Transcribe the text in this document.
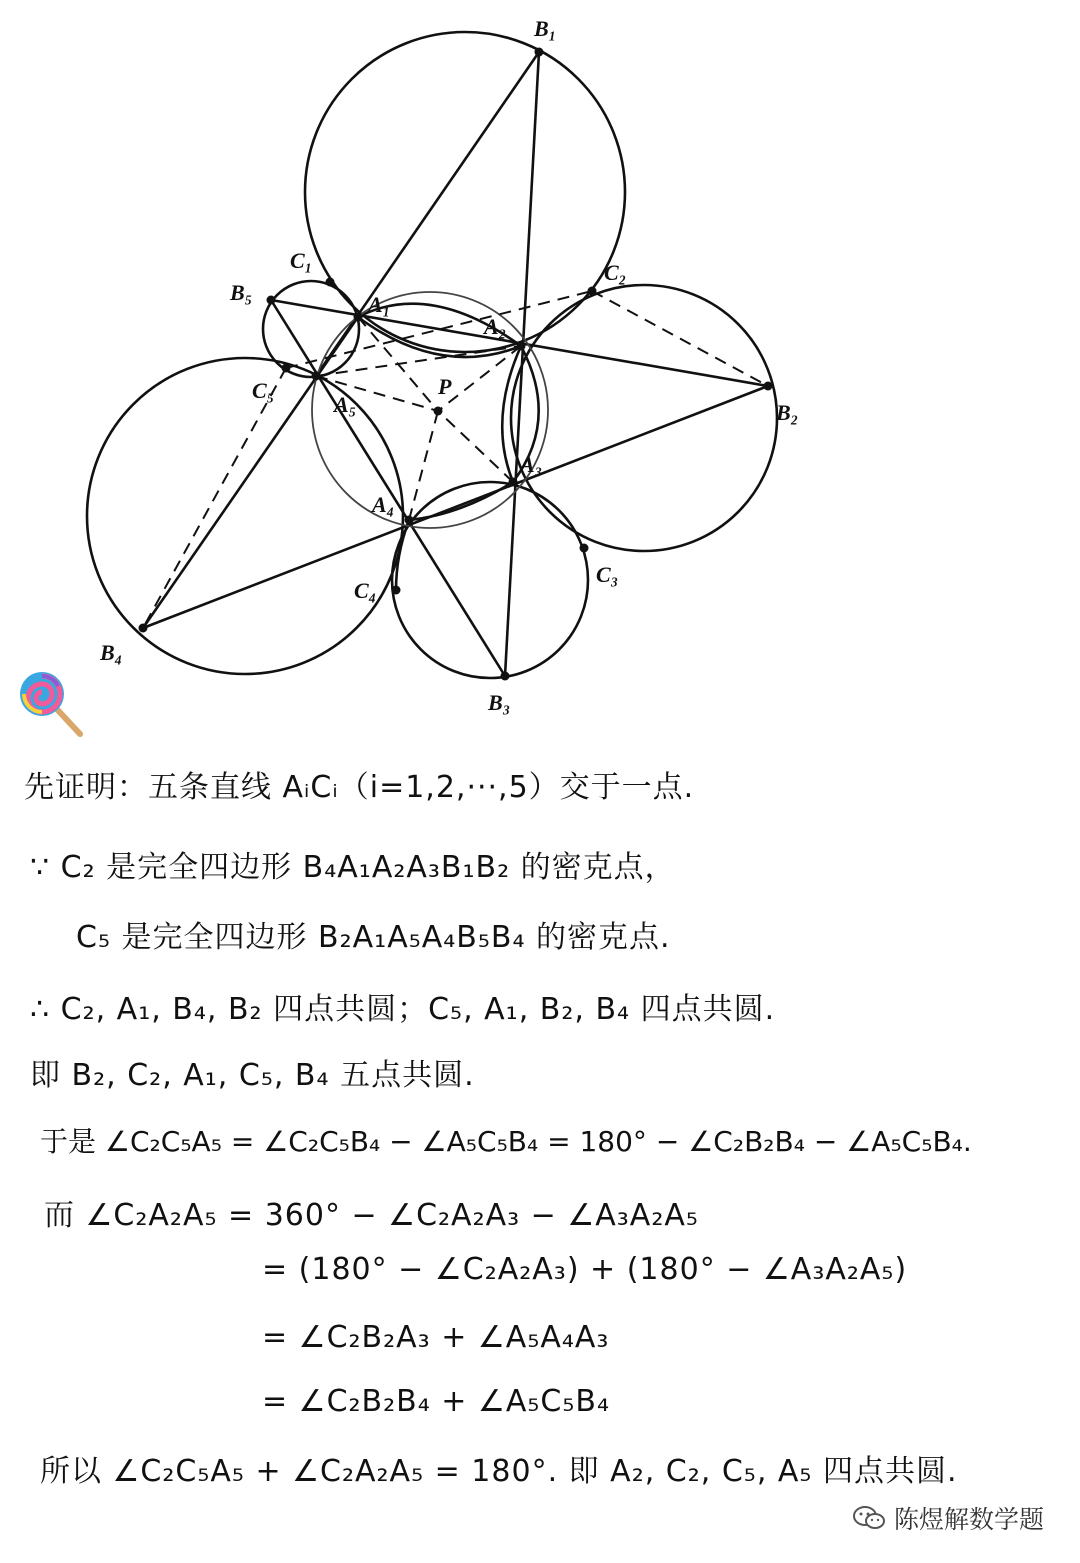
B₁
B₂
B₃
B₄
B₅
C₁	C₂
C₃
C₄
C₅
A₁
A₂
A₃
A₄
A₅
P
先证明：五条直线 AᵢCᵢ（i=1,2,···,5）交于一点.
∵ C₂ 是完全四边形 B₄A₁A₂A₃B₁B₂ 的密克点，
C₅ 是完全四边形 B₂A₁A₅A₄B₅B₄ 的密克点.
∴ C₂, A₁, B₄, B₂ 四点共圆；C₅, A₁, B₂, B₄ 四点共圆.
即 B₂, C₂, A₁, C₅, B₄ 五点共圆.
于是 ∠C₂C₅A₅ = ∠C₂C₅B₄ − ∠A₅C₅B₄ = 180° − ∠C₂B₂B₄ − ∠A₅C₅B₄.
而 ∠C₂A₂A₅ = 360° − ∠C₂A₂A₃ − ∠A₃A₂A₅
= (180° − ∠C₂A₂A₃) + (180° − ∠A₃A₂A₅)
= ∠C₂B₂A₃ + ∠A₅A₄A₃
= ∠C₂B₂B₄ + ∠A₅C₅B₄
所以 ∠C₂C₅A₅ + ∠C₂A₂A₅ = 180°. 即 A₂, C₂, C₅, A₅ 四点共圆.
陈煜解数学题
